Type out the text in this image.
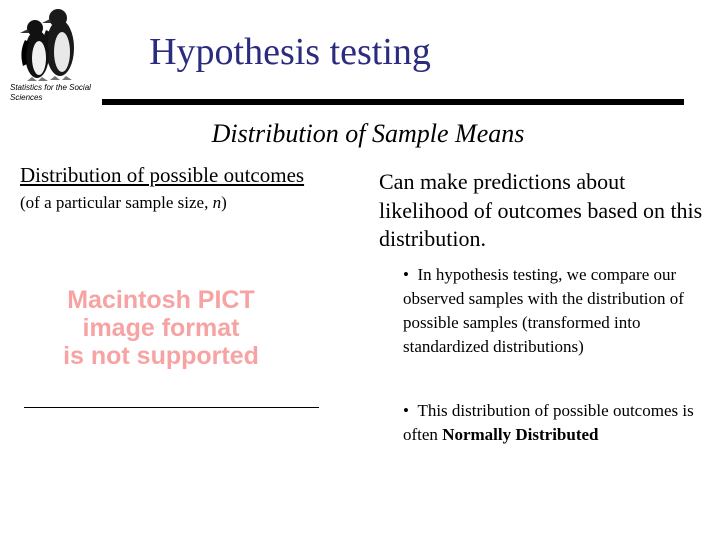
Statistics for the Social Sciences
Hypothesis testing
Distribution of Sample Means
Distribution of possible outcomes
(of a particular sample size, n)
Macintosh PICT
image format
is not supported
Can make predictions about likelihood of outcomes based on this distribution.
•  In hypothesis testing, we compare our observed samples with the distribution of possible samples (transformed into standardized distributions)
•  This distribution of possible outcomes is often Normally Distributed
